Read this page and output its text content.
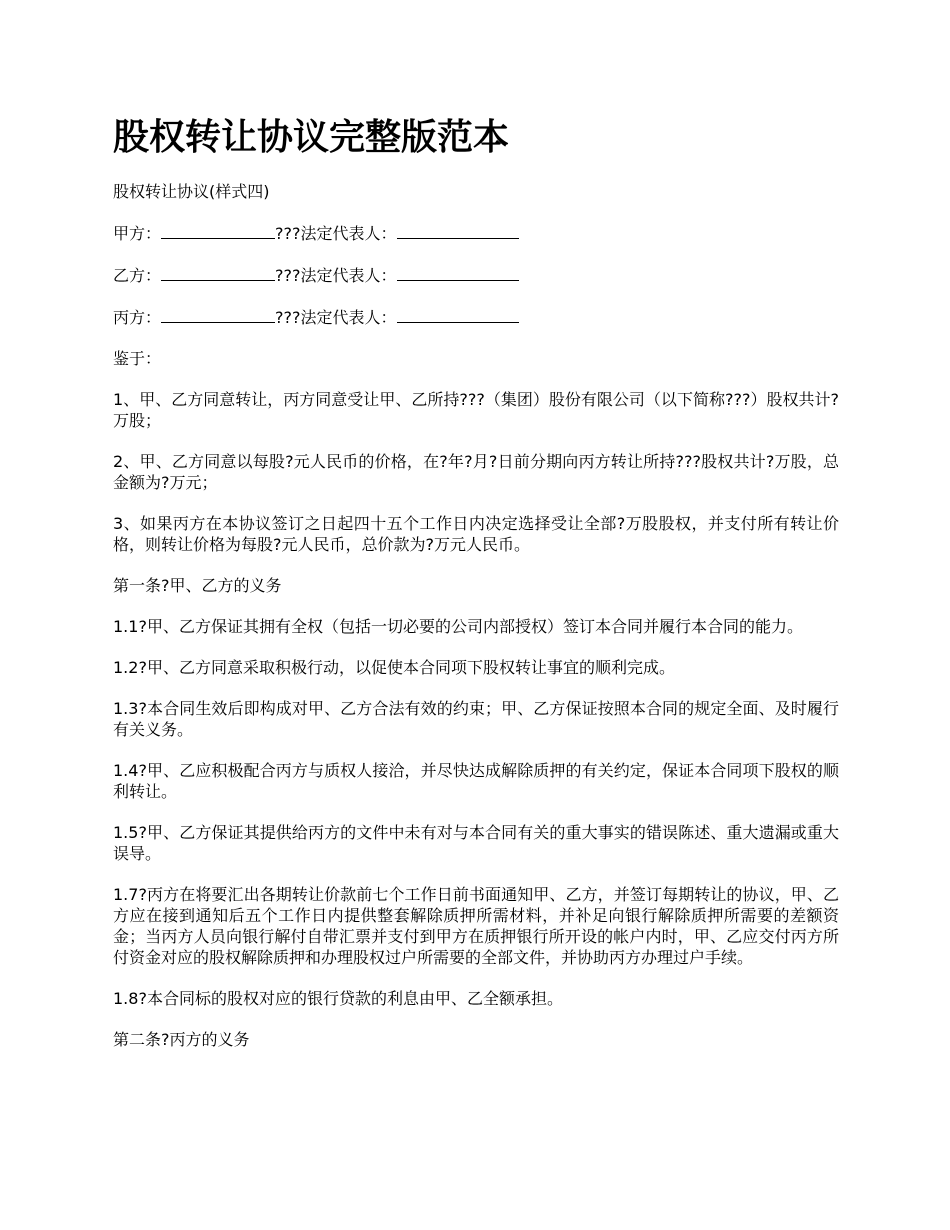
股权转让协议完整版范本

股权转让协议(样式四)

甲方：	???法定代表人：

乙方：	???法定代表人：

丙方：	???法定代表人：

鉴于：

1、甲、乙方同意转让，丙方同意受让甲、乙所持???（集团）股份有限公司（以下简称???）股权共计?万股；

2、甲、乙方同意以每股?元人民币的价格，在?年?月?日前分期向丙方转让所持???股权共计?万股，总金额为?万元；

3、如果丙方在本协议签订之日起四十五个工作日内决定选择受让全部?万股股权，并支付所有转让价格，则转让价格为每股?元人民币，总价款为?万元人民币。

第一条?甲、乙方的义务

1.1?甲、乙方保证其拥有全权（包括一切必要的公司内部授权）签订本合同并履行本合同的能力。

1.2?甲、乙方同意采取积极行动，以促使本合同项下股权转让事宜的顺利完成。

1.3?本合同生效后即构成对甲、乙方合法有效的约束；甲、乙方保证按照本合同的规定全面、及时履行有关义务。

1.4?甲、乙应积极配合丙方与质权人接洽，并尽快达成解除质押的有关约定，保证本合同项下股权的顺利转让。

1.5?甲、乙方保证其提供给丙方的文件中未有对与本合同有关的重大事实的错误陈述、重大遗漏或重大误导。

1.7?丙方在将要汇出各期转让价款前七个工作日前书面通知甲、乙方，并签订每期转让的协议，甲、乙方应在接到通知后五个工作日内提供整套解除质押所需材料，并补足向银行解除质押所需要的差额资金；当丙方人员向银行解付自带汇票并支付到甲方在质押银行所开设的帐户内时，甲、乙应交付丙方所付资金对应的股权解除质押和办理股权过户所需要的全部文件，并协助丙方办理过户手续。

1.8?本合同标的股权对应的银行贷款的利息由甲、乙全额承担。

第二条?丙方的义务
